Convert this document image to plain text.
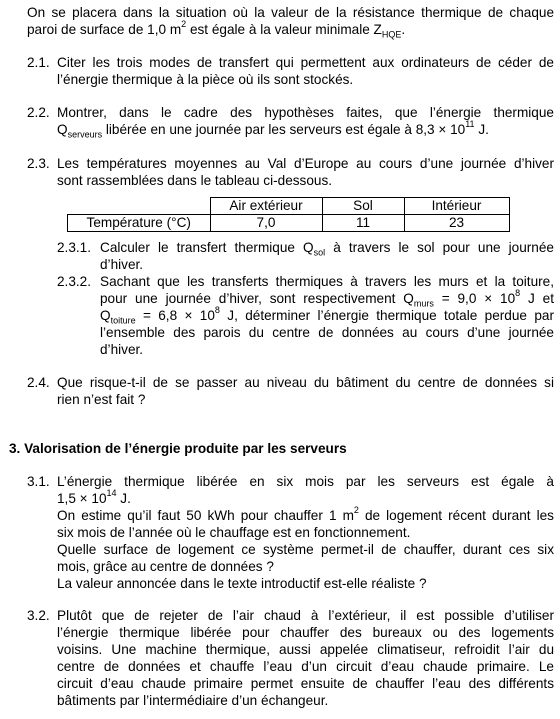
On se placera dans la situation où la valeur de la résistance thermique de chaque
paroi de surface de 1,0 $m^2$ est égale à la valeur minimale $Z_{HQE}$.
2.1. Citer les trois modes de transfert qui permettent aux ordinateurs de céder de
l’énergie thermique à la pièce où ils sont stockés.
2.2. Montrer, dans le cadre des hypothèses faites, que l’énergie thermique
$Q_{serveurs}$ libérée en une journée par les serveurs est égale à $8,3 \times 10^{11}$ J.
2.3. Les températures moyennes au Val d’Europe au cours d’une journée d’hiver
sont rassemblées dans le tableau ci-dessous.
	Air extérieur	Sol	Intérieur
Température (°C)	7,0	11	23
2.3.1. Calculer le transfert thermique $Q_{sol}$ à travers le sol pour une journée
d’hiver.
2.3.2. Sachant que les transferts thermiques à travers les murs et la toiture,
pour une journée d’hiver, sont respectivement $Q_{murs} = 9,0 \times 10^8$ J et
$Q_{toiture} = 6,8 \times 10^8$ J, déterminer l’énergie thermique totale perdue par
l’ensemble des parois du centre de données au cours d’une journée
d’hiver.
2.4. Que risque-t-il de se passer au niveau du bâtiment du centre de données si
rien n’est fait ?
3. Valorisation de l’énergie produite par les serveurs
3.1. L’énergie thermique libérée en six mois par les serveurs est égale à
$1,5 \times 10^{14}$ J.
On estime qu’il faut 50 kWh pour chauffer 1 $m^2$ de logement récent durant les
six mois de l’année où le chauffage est en fonctionnement.
Quelle surface de logement ce système permet-il de chauffer, durant ces six
mois, grâce au centre de données ?
La valeur annoncée dans le texte introductif est-elle réaliste ?
3.2. Plutôt que de rejeter de l’air chaud à l’extérieur, il est possible d’utiliser
l’énergie thermique libérée pour chauffer des bureaux ou des logements
voisins. Une machine thermique, aussi appelée climatiseur, refroidit l’air du
centre de données et chauffe l’eau d’un circuit d’eau chaude primaire. Le
circuit d’eau chaude primaire permet ensuite de chauffer l’eau des différents
bâtiments par l’intermédiaire d’un échangeur.
